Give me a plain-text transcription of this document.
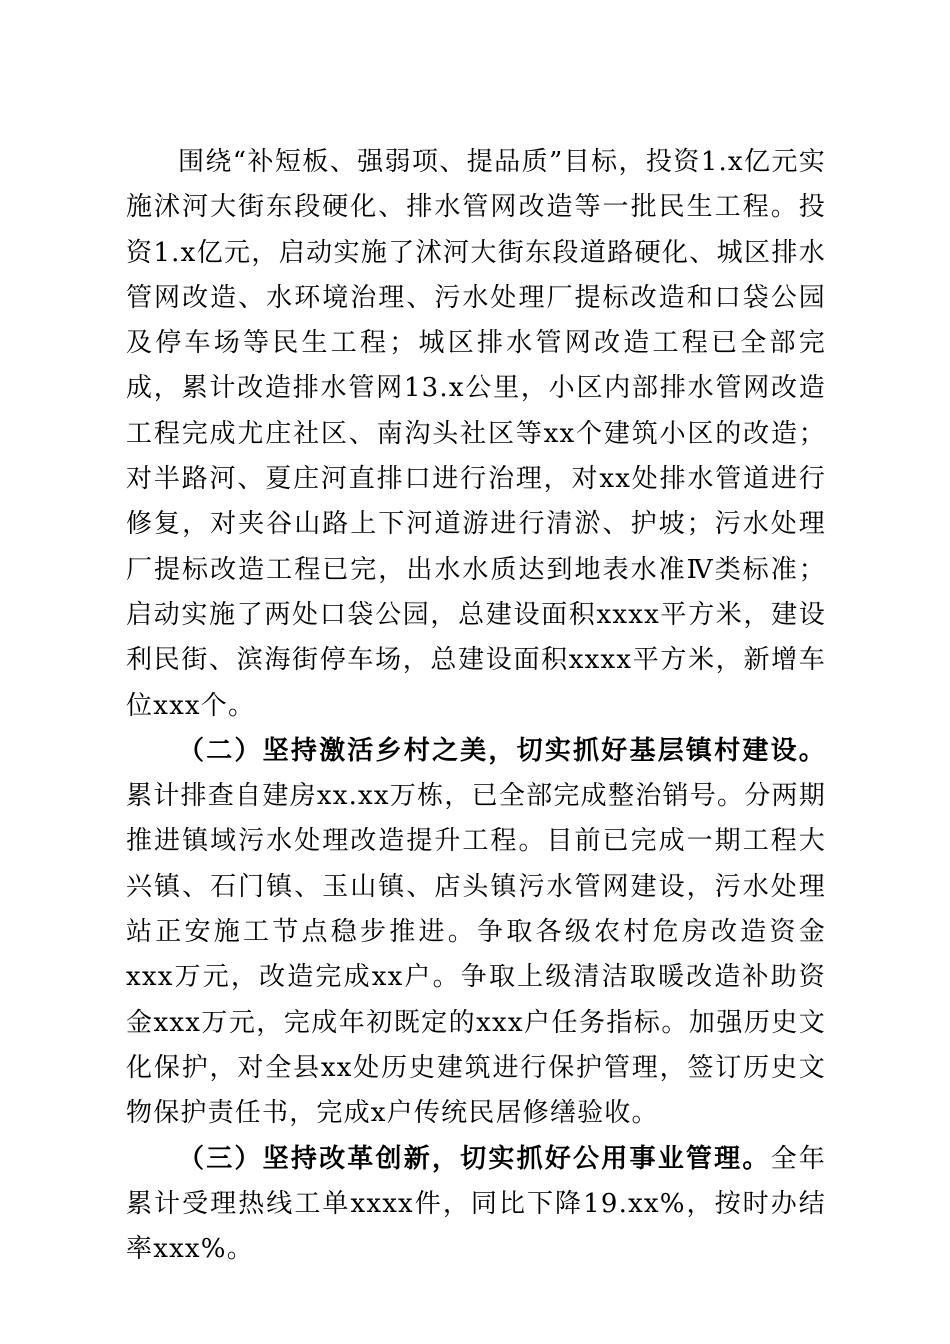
围绕“补短板、强弱项、提品质”目标，投资1.x亿元实施沭河大街东段硬化、排水管网改造等一批民生工程。投资1.x亿元，启动实施了沭河大街东段道路硬化、城区排水管网改造、水环境治理、污水处理厂提标改造和口袋公园及停车场等民生工程；城区排水管网改造工程已全部完成，累计改造排水管网13.x公里，小区内部排水管网改造工程完成尤庄社区、南沟头社区等xx个建筑小区的改造；对半路河、夏庄河直排口进行治理，对xx处排水管道进行修复，对夹谷山路上下河道游进行清淤、护坡；污水处理厂提标改造工程已完，出水水质达到地表水准Ⅳ类标准；启动实施了两处口袋公园，总建设面积xxxx平方米，建设利民街、滨海街停车场，总建设面积xxxx平方米，新增车位xxx个。

（二）坚持激活乡村之美，切实抓好基层镇村建设。累计排查自建房xx.xx万栋，已全部完成整治销号。分两期推进镇域污水处理改造提升工程。目前已完成一期工程大兴镇、石门镇、玉山镇、店头镇污水管网建设，污水处理站正安施工节点稳步推进。争取各级农村危房改造资金xxx万元，改造完成xx户。争取上级清洁取暖改造补助资金xxx万元，完成年初既定的xxx户任务指标。加强历史文化保护，对全县xx处历史建筑进行保护管理，签订历史文物保护责任书，完成x户传统民居修缮验收。

（三）坚持改革创新，切实抓好公用事业管理。全年累计受理热线工单xxxx件，同比下降19.xx%，按时办结率xxx%。
